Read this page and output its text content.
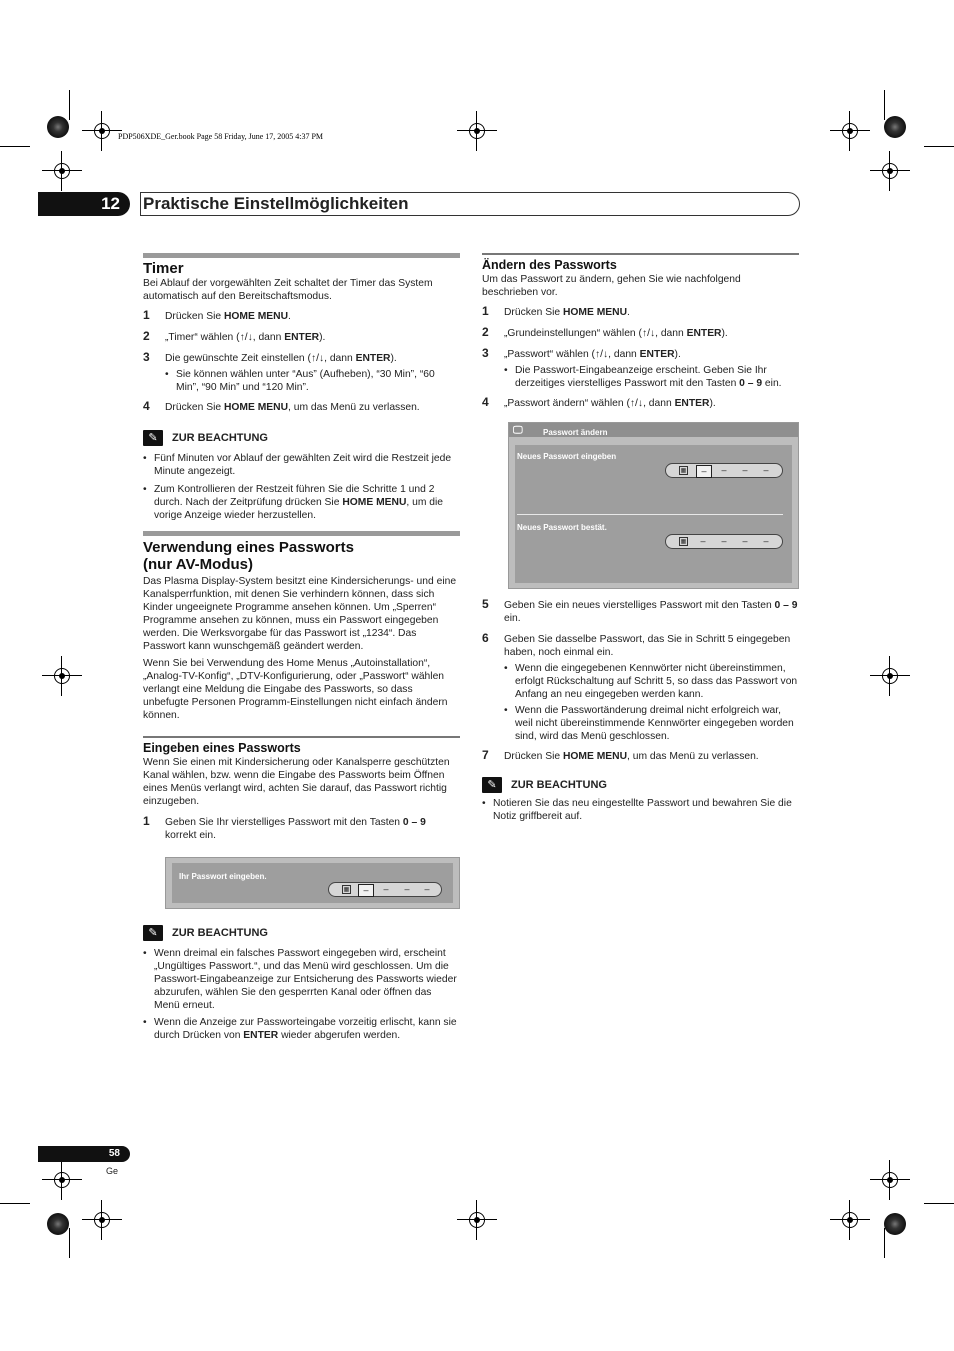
PDP506XDE_Ger.book Page 58 Friday, June 17, 2005 4:37 PM
12	Praktische Einstellmöglichkeiten
Timer

Bei Ablauf der vorgewählten Zeit schaltet der Timer das System automatisch auf den Bereitschaftsmodus.

1 Drücken Sie HOME MENU.
2 „Timer“ wählen (↑/↓, dann ENTER).
3 Die gewünschte Zeit einstellen (↑/↓, dann ENTER).
• Sie können wählen unter “Aus” (Aufheben), “30 Min”, “60 Min”, “90 Min” und “120 Min”.
4 Drücken Sie HOME MENU, um das Menü zu verlassen.
✎	ZUR BEACHTUNG
• Fünf Minuten vor Ablauf der gewählten Zeit wird die Restzeit jede Minute angezeigt.
• Zum Kontrollieren der Restzeit führen Sie die Schritte 1 und 2 durch. Nach der Zeitprüfung drücken Sie HOME MENU, um die vorige Anzeige wieder herzustellen.
Verwendung eines Passworts
(nur AV-Modus)

Das Plasma Display-System besitzt eine Kindersicherungs- und eine Kanalsperrfunktion, mit denen Sie verhindern können, dass sich Kinder ungeeignete Programme ansehen können. Um „Sperren“ Programme ansehen zu können, muss ein Passwort eingegeben werden. Die Werksvorgabe für das Passwort ist „1234“. Das Passwort kann wunschgemäß geändert werden.

Wenn Sie bei Verwendung des Home Menus „Autoinstallation“, „Analog-TV-Konfig“, „DTV-Konfigurierung, oder „Passwort“ wählen verlangt eine Meldung die Eingabe des Passworts, so dass unbefugte Personen Programm-Einstellungen nicht einfach ändern können.

Eingeben eines Passworts

Wenn Sie einen mit Kindersicherung oder Kanalsperre geschützten Kanal wählen, bzw. wenn die Eingabe des Passworts beim Öffnen eines Menüs verlangt wird, achten Sie darauf, das Passwort richtig einzugeben.

1 Geben Sie Ihr vierstelliges Passwort mit den Tasten 0 – 9 korrekt ein.
Ihr Passwort eingeben.
▦	–	–	–	–
✎	ZUR BEACHTUNG
• Wenn dreimal ein falsches Passwort eingegeben wird, erscheint „Ungültiges Passwort.“, und das Menü wird geschlossen. Um die Passwort-Eingabeanzeige zur Entsicherung des Passworts wieder abzurufen, wählen Sie den gesperrten Kanal oder öffnen das Menü erneut.
• Wenn die Anzeige zur Passworteingabe vorzeitig erlischt, kann sie durch Drücken von ENTER wieder abgerufen werden.
Ändern des Passworts

Um das Passwort zu ändern, gehen Sie wie nachfolgend beschrieben vor.

1 Drücken Sie HOME MENU.
2 „Grundeinstellungen“ wählen (↑/↓, dann ENTER).
3 „Passwort“ wählen (↑/↓, dann ENTER).
• Die Passwort-Eingabeanzeige erscheint. Geben Sie Ihr derzeitiges vierstelliges Passwort mit den Tasten 0 – 9 ein.
4 „Passwort ändern“ wählen (↑/↓, dann ENTER).
🖵	Passwort ändern
Neues Passwort eingeben
▦	–	–	–	–
Neues Passwort bestät.
▦	–	–	–	–
5 Geben Sie ein neues vierstelliges Passwort mit den Tasten 0 – 9 ein.
6 Geben Sie dasselbe Passwort, das Sie in Schritt 5 eingegeben haben, noch einmal ein.
• Wenn die eingegebenen Kennwörter nicht übereinstimmen, erfolgt Rückschaltung auf Schritt 5, so dass das Passwort von Anfang an neu eingegeben werden kann.
• Wenn die Passwortänderung dreimal nicht erfolgreich war, weil nicht übereinstimmende Kennwörter eingegeben worden sind, wird das Menü geschlossen.
7 Drücken Sie HOME MENU, um das Menü zu verlassen.
✎	ZUR BEACHTUNG
• Notieren Sie das neu eingestellte Passwort und bewahren Sie die Notiz griffbereit auf.
58
Ge
